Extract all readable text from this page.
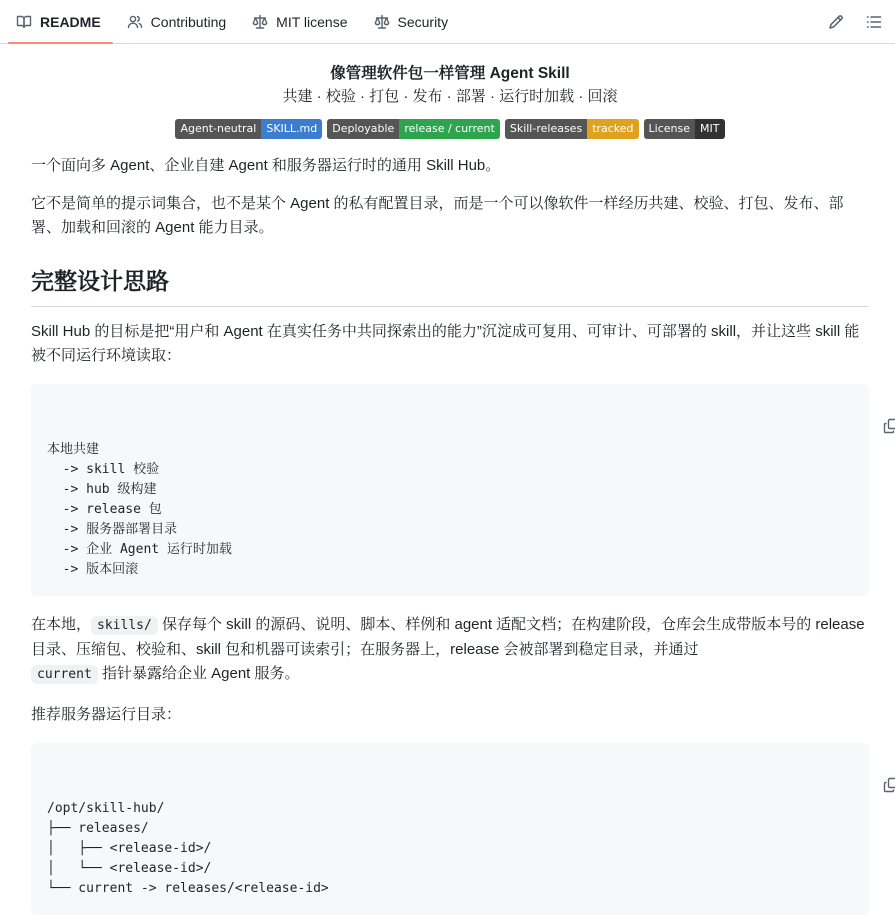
README	Contributing	MIT license	Security
像管理软件包一样管理 Agent Skill
共建 · 校验 · 打包 · 发布 · 部署 · 运行时加载 · 回滚
Agent-neutral SKILL.md	Deployable release / current	Skill-releases tracked	License MIT

一个面向多 Agent、企业自建 Agent 和服务器运行时的通用 Skill Hub。

它不是简单的提示词集合，也不是某个 Agent 的私有配置目录，而是一个可以像软件一样经历共建、校验、打包、发布、部署、加载和回滚的 Agent 能力目录。

完整设计思路

Skill Hub 的目标是把“用户和 Agent 在真实任务中共同探索出的能力”沉淀成可复用、可审计、可部署的 skill，并让这些 skill 能被不同运行环境读取：

本地共建
-> skill 校验
-> hub 级构建
-> release 包
-> 服务器部署目录
-> 企业 Agent 运行时加载
-> 版本回滚

在本地， skills/ 保存每个 skill 的源码、说明、脚本、样例和 agent 适配文档；在构建阶段，仓库会生成带版本号的 release 目录、压缩包、校验和、skill 包和机器可读索引；在服务器上，release 会被部署到稳定目录，并通过
current 指针暴露给企业 Agent 服务。

推荐服务器运行目录：

/opt/skill-hub/
├── releases/
│   ├── <release-id>/
│   └── <release-id>/
└── current -> releases/<release-id>
